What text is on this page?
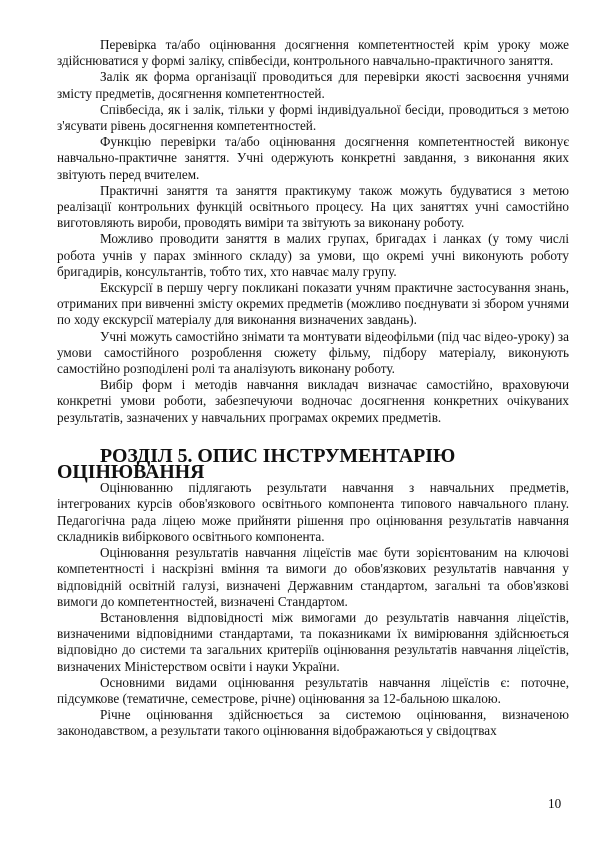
Перевірка та/або оцінювання досягнення компетентностей крім уроку може здійснюватися у формі заліку, співбесіди, контрольного навчально-практичного заняття.

Залік як форма організації проводиться для перевірки якості засвоєння учнями змісту предметів, досягнення компетентностей.

Співбесіда, як і залік, тільки у формі індивідуальної бесіди, проводиться з метою з'ясувати рівень досягнення компетентностей.

Функцію перевірки та/або оцінювання досягнення компетентностей виконує навчально-практичне заняття. Учні одержують конкретні завдання, з виконання яких звітують перед вчителем.

Практичні заняття та заняття практикуму також можуть будуватися з метою реалізації контрольних функцій освітнього процесу. На цих заняттях учні самостійно виготовляють вироби, проводять виміри та звітують за виконану роботу.

Можливо проводити заняття в малих групах, бригадах і ланках (у тому числі робота учнів у парах змінного складу) за умови, що окремі учні виконують роботу бригадирів, консультантів, тобто тих, хто навчає малу групу.

Екскурсії в першу чергу покликані показати учням практичне застосування знань, отриманих при вивченні змісту окремих предметів (можливо поєднувати зі збором учнями по ходу екскурсії матеріалу для виконання визначених завдань).

Учні можуть самостійно знімати та монтувати відеофільми (під час відео-уроку) за умови самостійного розроблення сюжету фільму, підбору матеріалу, виконують самостійно розподілені ролі та аналізують виконану роботу.

Вибір форм і методів навчання викладач визначає самостійно, враховуючи конкретні умови роботи, забезпечуючи водночас досягнення конкретних очікуваних результатів, зазначених у навчальних програмах окремих предметів.

РОЗДІЛ 5. ОПИС ІНСТРУМЕНТАРІЮ ОЦІНЮВАННЯ

Оцінюванню підлягають результати навчання з навчальних предметів, інтегрованих курсів обов'язкового освітнього компонента типового навчального плану. Педагогічна рада ліцею може прийняти рішення про оцінювання результатів навчання складників вибіркового освітнього компонента.

Оцінювання результатів навчання ліцеїстів має бути зорієнтованим на ключові компетентності і наскрізні вміння та вимоги до обов'язкових результатів навчання у відповідній освітній галузі, визначені Державним стандартом, загальні та обов'язкові вимоги до компетентностей, визначені Стандартом.

Встановлення відповідності між вимогами до результатів навчання ліцеїстів, визначеними відповідними стандартами, та показниками їх вимірювання здійснюється відповідно до системи та загальних критеріїв оцінювання результатів навчання ліцеїстів, визначених Міністерством освіти і науки України.

Основними видами оцінювання результатів навчання ліцеїстів є: поточне, підсумкове (тематичне, семестрове, річне) оцінювання за 12-бальною шкалою.

Річне оцінювання здійснюється за системою оцінювання, визначеною законодавством, а результати такого оцінювання відображаються у свідоцтвах

10
